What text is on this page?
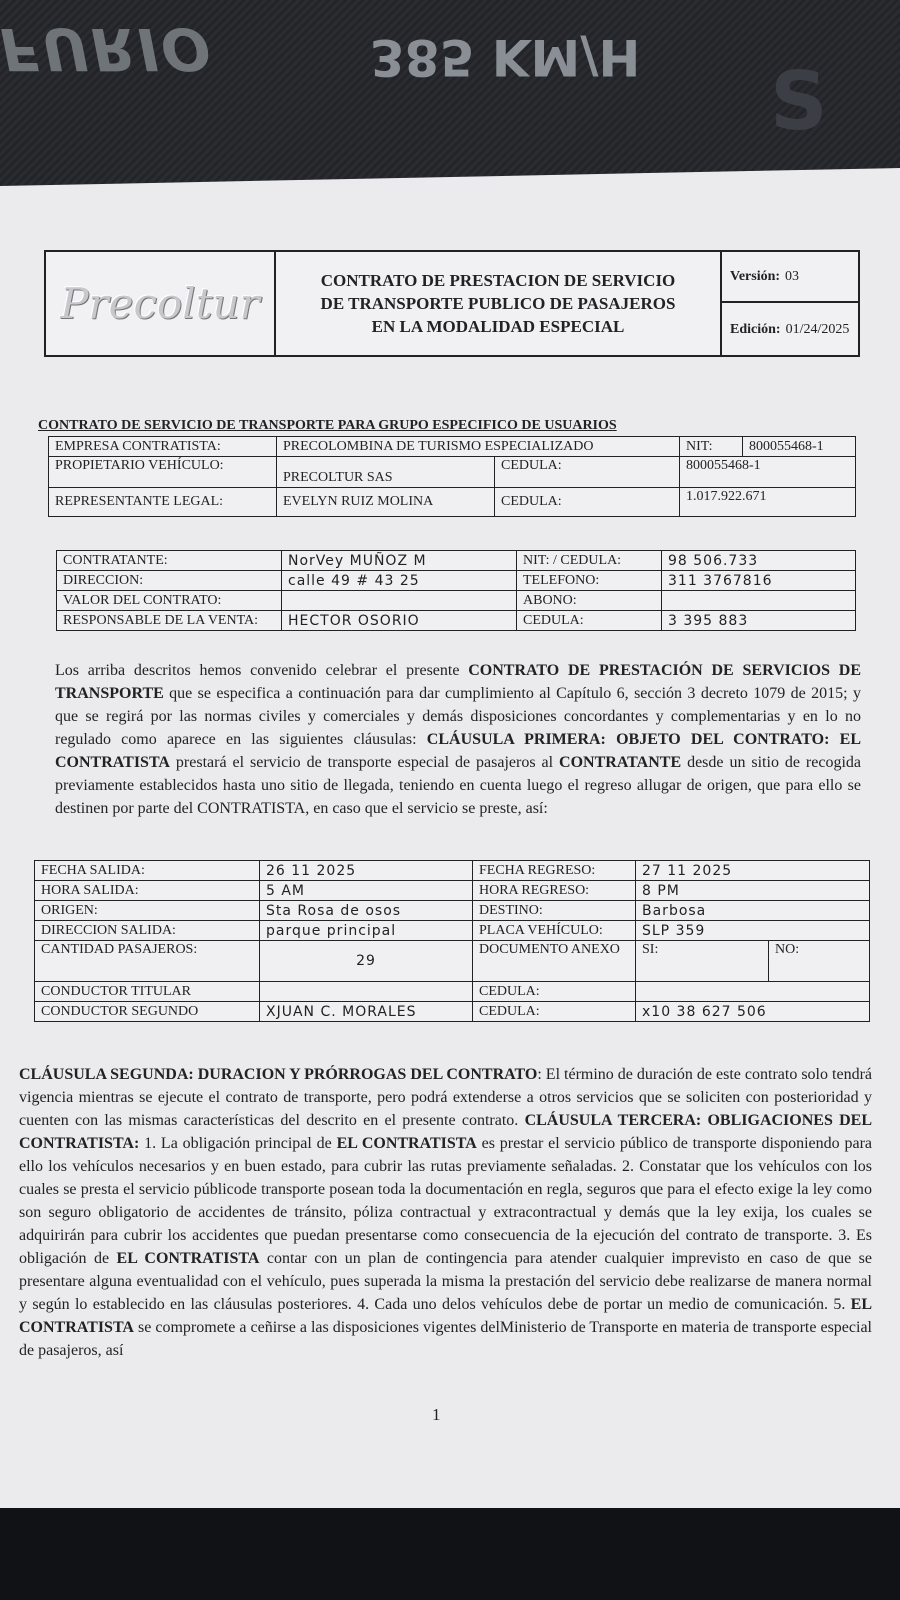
FURIO	385 KM/H S
Precoltur	CONTRATO DE PRESTACION DE SERVICIO
DE TRANSPORTE PUBLICO DE PASAJEROS
EN LA MODALIDAD ESPECIAL
Versión: 03
Edición: 01/24/2025
CONTRATO DE SERVICIO DE TRANSPORTE PARA GRUPO ESPECIFICO DE USUARIOS
EMPRESA CONTRATISTA:	PRECOLOMBINA DE TURISMO ESPECIALIZADO		NIT:	800055468-1
PROPIETARIO VEHÍCULO:	PRECOLTUR SAS	CEDULA:	800055468-1	
REPRESENTANTE LEGAL:	EVELYN RUIZ MOLINA	CEDULA:	1.017.922.671	
CONTRATANTE:	NorVey MUÑOZ M	NIT: / CEDULA:	98 506.733
DIRECCION:	calle 49 # 43 25	TELEFONO:	311 3767816
VALOR DEL CONTRATO:		ABONO:	
RESPONSABLE DE LA VENTA:	HECTOR OSORIO	CEDULA:	3 395 883
Los arriba descritos hemos convenido celebrar el presente CONTRATO DE PRESTACIÓN DE SERVICIOS DE TRANSPORTE que se especifica a continuación para dar cumplimiento al Capítulo 6, sección 3 decreto 1079 de 2015; y que se regirá por las normas civiles y comerciales y demás disposiciones concordantes y complementarias y en lo no regulado como aparece en las siguientes cláusulas: CLÁUSULA PRIMERA: OBJETO DEL CONTRATO: EL CONTRATISTA prestará el servicio de transporte especial de pasajeros al CONTRATANTE desde un sitio de recogida previamente establecidos hasta uno sitio de llegada, teniendo en cuenta luego el regreso allugar de origen, que para ello se destinen por parte del CONTRATISTA, en caso que el servicio se preste, así:
FECHA SALIDA:	26 11 2025	FECHA REGRESO:	27 11 2025	
HORA SALIDA:	5 AM	HORA REGRESO:	8 PM	
ORIGEN:	Sta Rosa de osos	DESTINO:	Barbosa	
DIRECCION SALIDA:	parque principal	PLACA VEHÍCULO:	SLP 359	
CANTIDAD PASAJEROS:	29	DOCUMENTO ANEXO	SI:	NO:
CONDUCTOR TITULAR		CEDULA:		
CONDUCTOR SEGUNDO	XJUAN C. MORALES	CEDULA:	x10 38 627 506	
CLÁUSULA SEGUNDA: DURACION Y PRÓRROGAS DEL CONTRATO: El término de duración de este contrato solo tendrá vigencia mientras se ejecute el contrato de transporte, pero podrá extenderse a otros servicios que se soliciten con posterioridad y cuenten con las mismas características del descrito en el presente contrato. CLÁUSULA TERCERA: OBLIGACIONES DEL CONTRATISTA: 1. La obligación principal de EL CONTRATISTA es prestar el servicio público de transporte disponiendo para ello los vehículos necesarios y en buen estado, para cubrir las rutas previamente señaladas. 2. Constatar que los vehículos con los cuales se presta el servicio públicode transporte posean toda la documentación en regla, seguros que para el efecto exige la ley como son seguro obligatorio de accidentes de tránsito, póliza contractual y extracontractual y demás que la ley exija, los cuales se adquirirán para cubrir los accidentes que puedan presentarse como consecuencia de la ejecución del contrato de transporte. 3. Es obligación de EL CONTRATISTA contar con un plan de contingencia para atender cualquier imprevisto en caso de que se presentare alguna eventualidad con el vehículo, pues superada la misma la prestación del servicio debe realizarse de manera normal y según lo establecido en las cláusulas posteriores. 4. Cada uno delos vehículos debe de portar un medio de comunicación. 5. EL CONTRATISTA se compromete a ceñirse a las disposiciones vigentes delMinisterio de Transporte en materia de transporte especial de pasajeros, así
1
